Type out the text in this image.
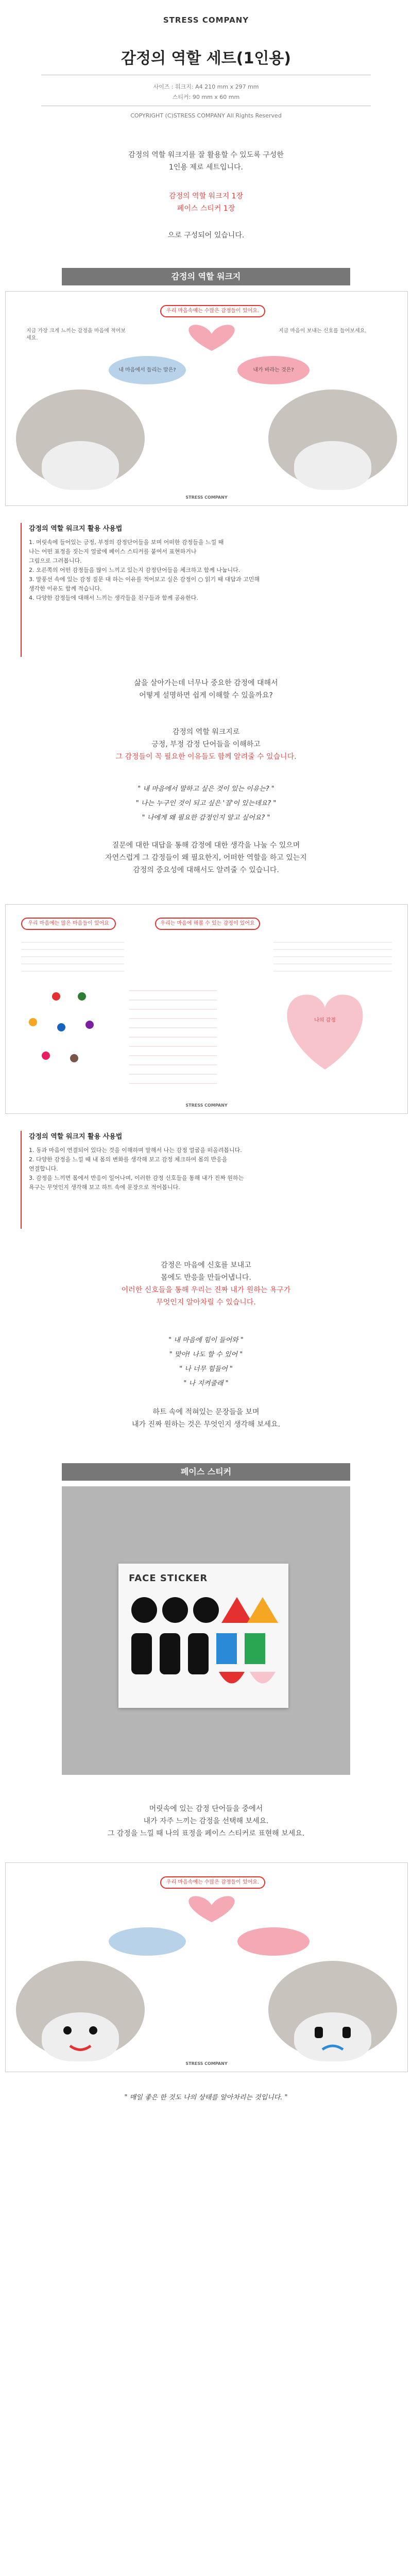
STRESS COMPANY
감정의 역할 세트(1인용)
사이즈 : 워크지: A4 210 mm x 297 mm
스티커: 90 mm x 60 mm
COPYRIGHT (C)STRESS COMPANY All Rights Reserved
감정의 역할 워크지를 잘 활용할 수 있도록 구성한
1인용 제로 세트입니다.
감정의 역할 워크지 1장
페이스 스티커 1장
으로 구성되어 있습니다.
감정의 역할 워크지
우리 마음속에는 수많은 감정들이 있어요.
지금 가장 크게 느끼는 감정을 마음에 적어보세요.
지금 마음이 보내는 신호를 들어보세요.
내 마음에서 들리는 말은?	내가 바라는 것은?
STRESS COMPANY
감정의 역할 워크지 활용 사용법
1. 머릿속에 들어있는 긍정, 부정의 감정단어들을 보며 어떠한 감정들을 느낄 때
나는 어떤 표정을 짓는지 얼굴에 페이스 스티커를 붙여서 표현하거나
그림으로 그려봅니다.
2. 오른쪽의 어떤 감정들을 많이 느끼고 있는지 감정단어들을 체크하고 함께 나눕니다.
3. 말풍선 속에 있는 감정 질문 대 하는 이유를 적어보고 실은 감정이 ○ 읽기 때 대답과 고민해
생각한 이유도 함께 적습니다.
4. 다양한 감정들에 대해서 느끼는 생각들을 친구들과 함께 공유한다.
삶을 살아가는데 너무나 중요한 감정에 대해서
어떻게 설명하면 쉽게 이해할 수 있을까요?
감정의 역할 워크지로
긍정, 부정 감정 단어들을 이해하고
그 감정들이 꼭 필요한 이유들도 함께 알려줄 수 있습니다.
" 내 마음에서 말하고 싶은 것이 있는 이유는? "
" 나는 누구인 것이 되고 싶은 '질'이 있는데요? "
" 나에게 왜 필요한 감정인지 알고 싶어요? "
질문에 대한 대답을 통해 감정에 대한 생각을 나눌 수 있으며
자연스럽게 그 감정들이 왜 필요한지, 어떠한 역할을 하고 있는지
감정의 중요성에 대해서도 알려줄 수 있습니다.
우리 마음에는 많은 마음들이 있어요	우리는 마음에 해볼 수 있는 감정이 있어요
나의 감정
STRESS COMPANY
감정의 역할 워크지 활용 사용법
1. 동과 마음이 연결되어 있다는 것을 이해하며 말해서 나는 감정 얼굴을 떠올려봅니다.
2. 다양한 감정을 느낄 때 내 몸의 변화를 생각해 보고 감정 체크하여 몸의 반응을
연결합니다.
3. 감정을 느끼면 몸에서 반응이 일어나며, 이러한 감정 신호들을 통해 내가 진짜 원하는
욕구는 무엇인지 생각해 보고 하트 속에 문장으로 적어봅니다.
감정은 마음에 신호를 보내고
몸에도 반응을 만들어냅니다.
이러한 신호들을 통해 우리는 진짜 내가 원하는 욕구가
무엇인지 알아차릴 수 있습니다.
" 내 마음에 힘이 들어와 "
" 맞아! 나도 할 수 있어 "
" 나 너무 힘들어 "
" 나 지켜줄래 "
하트 속에 적혀있는 문장들을 보며
내가 진짜 원하는 것은 무엇인지 생각해 보세요.
페이스 스티커
FACE STICKER
머릿속에 있는 감정 단어들을 중에서
내가 자주 느끼는 감정을 선택해 보세요.
그 감정을 느낄 때 나의 표정을 페이스 스티커로 표현해 보세요.
우리 마음속에는 수많은 감정들이 있어요.
STRESS COMPANY
" 매일 좋은 한 것도 나의 상태를 알아차리는 것입니다. "
